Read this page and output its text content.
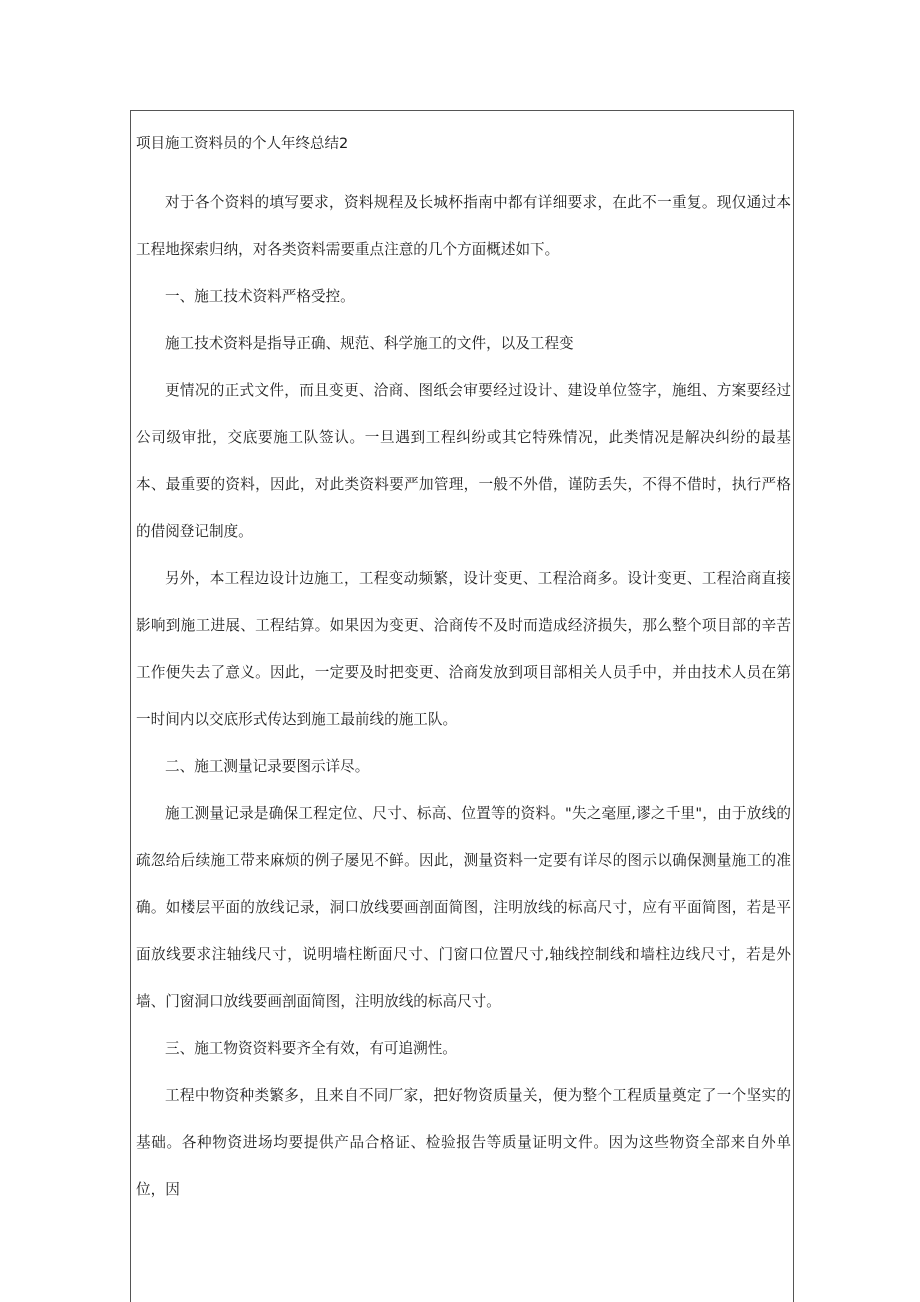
项目施工资料员的个人年终总结2

对于各个资料的填写要求，资料规程及长城杯指南中都有详细要求，在此不一重复。现仅通过本工程地探索归纳，对各类资料需要重点注意的几个方面概述如下。

一、施工技术资料严格受控。

施工技术资料是指导正确、规范、科学施工的文件，以及工程变

更情况的正式文件，而且变更、洽商、图纸会审要经过设计、建设单位签字，施组、方案要经过公司级审批，交底要施工队签认。一旦遇到工程纠纷或其它特殊情况，此类情况是解决纠纷的最基本、最重要的资料，因此，对此类资料要严加管理，一般不外借，谨防丢失，不得不借时，执行严格的借阅登记制度。

另外，本工程边设计边施工，工程变动频繁，设计变更、工程洽商多。设计变更、工程洽商直接影响到施工进展、工程结算。如果因为变更、洽商传不及时而造成经济损失，那么整个项目部的辛苦工作便失去了意义。因此，一定要及时把变更、洽商发放到项目部相关人员手中，并由技术人员在第一时间内以交底形式传达到施工最前线的施工队。

二、施工测量记录要图示详尽。

施工测量记录是确保工程定位、尺寸、标高、位置等的资料。"失之毫厘,谬之千里"，由于放线的疏忽给后续施工带来麻烦的例子屡见不鲜。因此，测量资料一定要有详尽的图示以确保测量施工的准确。如楼层平面的放线记录，洞口放线要画剖面简图，注明放线的标高尺寸，应有平面简图，若是平面放线要求注轴线尺寸，说明墙柱断面尺寸、门窗口位置尺寸,轴线控制线和墙柱边线尺寸，若是外墙、门窗洞口放线要画剖面简图，注明放线的标高尺寸。

三、施工物资资料要齐全有效，有可追溯性。

工程中物资种类繁多，且来自不同厂家，把好物资质量关，便为整个工程质量奠定了一个坚实的基础。各种物资进场均要提供产品合格证、检验报告等质量证明文件。因为这些物资全部来自外单位，因
